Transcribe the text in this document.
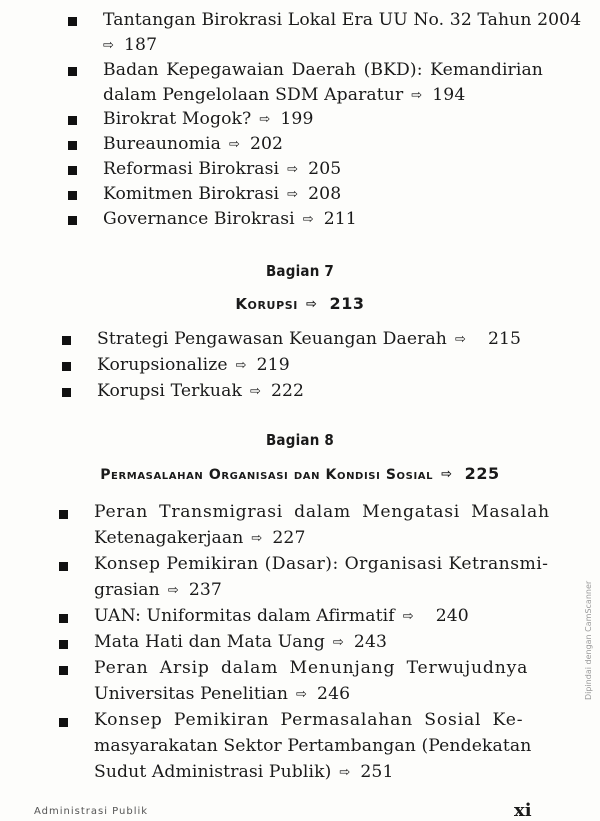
Tantangan Birokrasi Lokal Era UU No. 32 Tahun 2004
⇨ 187
Badan Kepegawaian Daerah (BKD): Kemandirian
dalam Pengelolaan SDM Aparatur ⇨ 194
Birokrat Mogok? ⇨ 199
Bureaunomia ⇨ 202
Reformasi Birokrasi ⇨ 205
Komitmen Birokrasi ⇨ 208
Governance Birokrasi ⇨ 211
Bagian 7
Korupsi ⇨ 213
Strategi Pengawasan Keuangan Daerah ⇨ 215
Korupsionalize ⇨ 219
Korupsi Terkuak ⇨ 222
Bagian 8
Permasalahan Organisasi dan Kondisi Sosial ⇨ 225
Peran Transmigrasi dalam Mengatasi Masalah
Ketenagakerjaan ⇨ 227
Konsep Pemikiran (Dasar): Organisasi Ketransmi-
grasian ⇨ 237
UAN: Uniformitas dalam Afirmatif ⇨ 240
Mata Hati dan Mata Uang ⇨ 243
Peran Arsip dalam Menunjang Terwujudnya
Universitas Penelitian ⇨ 246
Konsep Pemikiran Permasalahan Sosial Ke-
masyarakatan Sektor Pertambangan (Pendekatan
Sudut Administrasi Publik) ⇨ 251
Administrasi Publik	xi
Dipindai dengan CamScanner
